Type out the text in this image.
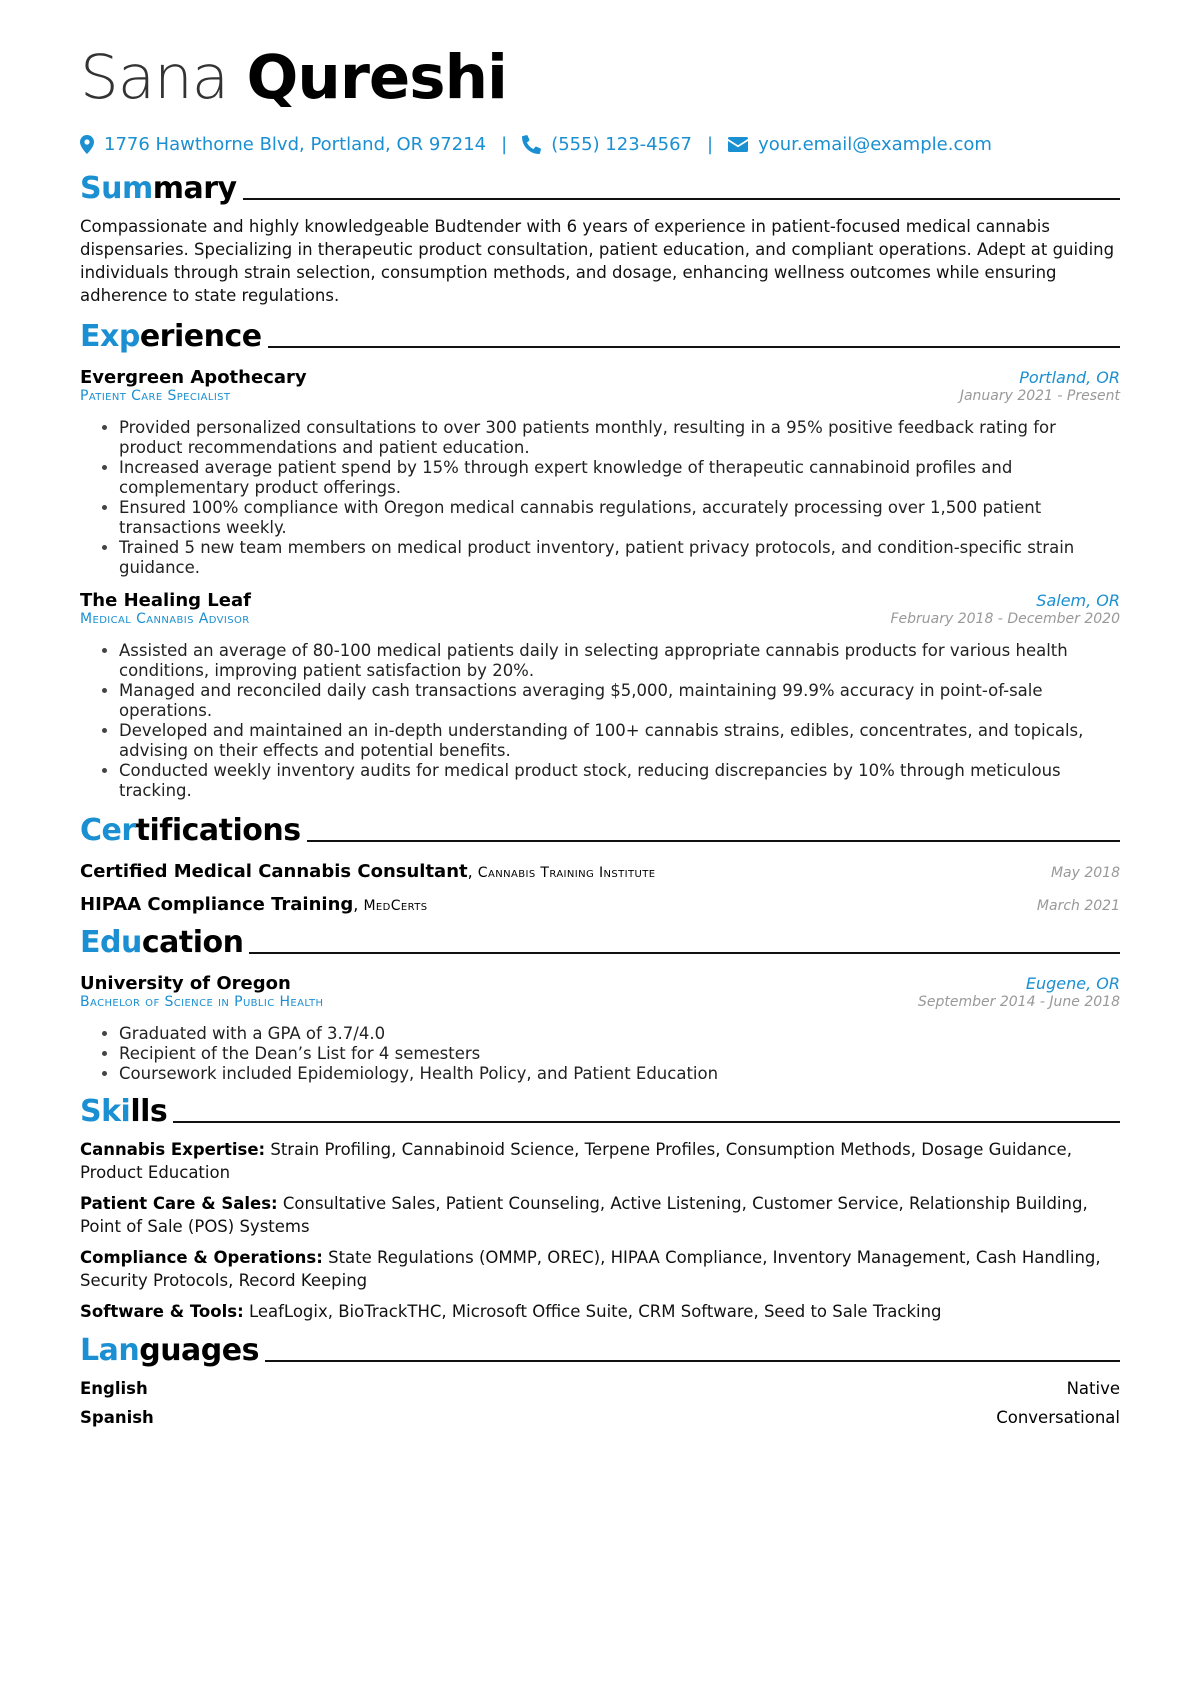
Sana Qureshi
1776 Hawthorne Blvd, Portland, OR 97214 | (555) 123-4567 |	your.email@example.com
Summary
Compassionate and highly knowledgeable Budtender with 6 years of experience in patient-focused medical cannabis dispensaries. Specializing in therapeutic product consultation, patient education, and compliant operations. Adept at guiding individuals through strain selection, consumption methods, and dosage, enhancing wellness outcomes while ensuring adherence to state regulations.
Experience
Evergreen Apothecary	Portland, OR
Patient Care Specialist	January 2021 - Present
• Provided personalized consultations to over 300 patients monthly, resulting in a 95% positive feedback rating for product recommendations and patient education.
• Increased average patient spend by 15% through expert knowledge of therapeutic cannabinoid profiles and complementary product offerings.
• Ensured 100% compliance with Oregon medical cannabis regulations, accurately processing over 1,500 patient transactions weekly.
• Trained 5 new team members on medical product inventory, patient privacy protocols, and condition-specific strain guidance.
The Healing Leaf	Salem, OR
Medical Cannabis Advisor	February 2018 - December 2020
• Assisted an average of 80-100 medical patients daily in selecting appropriate cannabis products for various health conditions, improving patient satisfaction by 20%.
• Managed and reconciled daily cash transactions averaging $5,000, maintaining 99.9% accuracy in point-of-sale operations.
• Developed and maintained an in-depth understanding of 100+ cannabis strains, edibles, concentrates, and topicals, advising on their effects and potential benefits.
• Conducted weekly inventory audits for medical product stock, reducing discrepancies by 10% through meticulous tracking.
Certifications
Certified Medical Cannabis Consultant, Cannabis Training Institute	May 2018
HIPAA Compliance Training, MedCerts	March 2021
Education
University of Oregon	Eugene, OR
Bachelor of Science in Public Health	September 2014 - June 2018
• Graduated with a GPA of 3.7/4.0
• Recipient of the Dean’s List for 4 semesters
• Coursework included Epidemiology, Health Policy, and Patient Education
Skills
Cannabis Expertise: Strain Profiling, Cannabinoid Science, Terpene Profiles, Consumption Methods, Dosage Guidance, Product Education
Patient Care & Sales: Consultative Sales, Patient Counseling, Active Listening, Customer Service, Relationship Building, Point of Sale (POS) Systems
Compliance & Operations: State Regulations (OMMP, OREC), HIPAA Compliance, Inventory Management, Cash Handling, Security Protocols, Record Keeping
Software & Tools: LeafLogix, BioTrackTHC, Microsoft Office Suite, CRM Software, Seed to Sale Tracking
Languages
English	Native
Spanish	Conversational
